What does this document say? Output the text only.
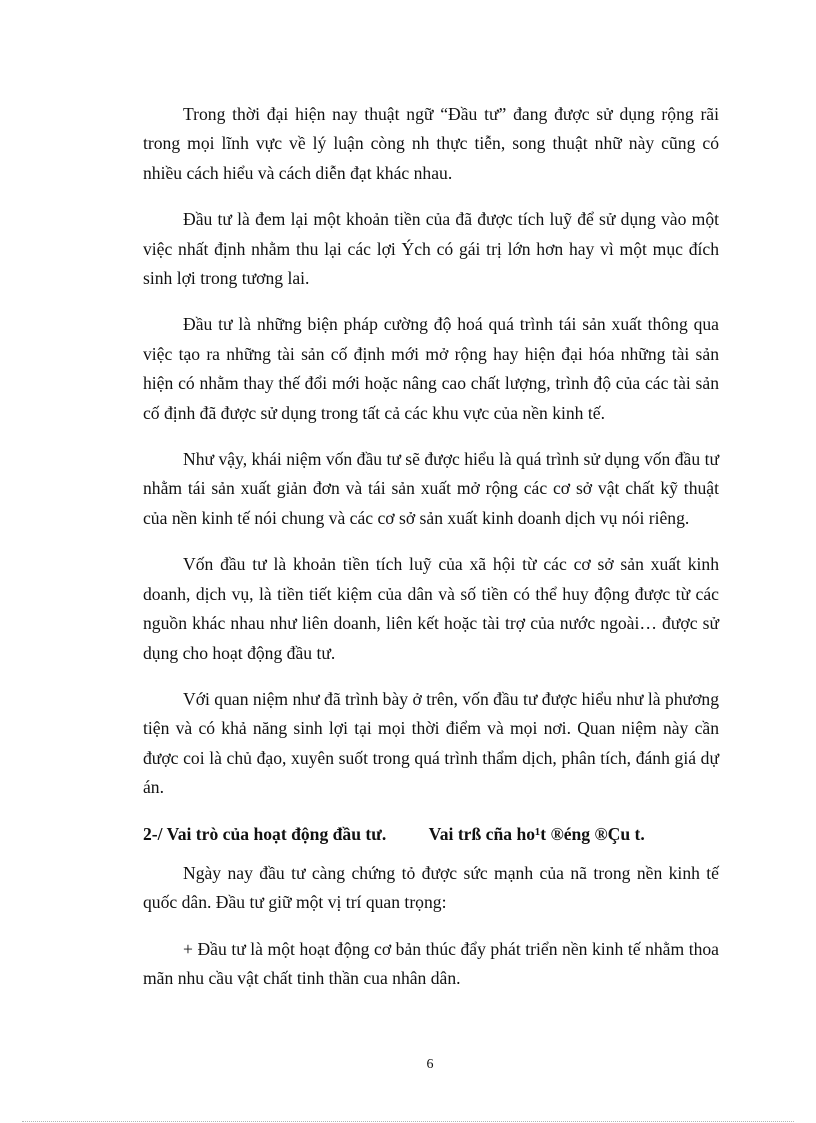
Trong thời đại hiện nay thuật ngữ “Đầu tư” đang được sử dụng rộng rãi trong mọi lĩnh vực về lý luận còng nh thực tiễn, song thuật nhữ này cũng có nhiều cách hiểu và cách diễn đạt khác nhau.

Đầu tư là đem lại một khoản tiền của đã được tích luỹ để sử dụng vào một việc nhất định nhằm thu lại các lợi Ých có gái trị lớn hơn hay vì một mục đích sinh lợi trong tương lai.

Đầu tư là những biện pháp cường độ hoá quá trình tái sản xuất thông qua việc tạo ra những tài sản cố định mới mở rộng hay hiện đại hóa những tài sản hiện có nhằm thay thế đổi mới hoặc nâng cao chất lượng, trình độ của các tài sản cố định đã được sử dụng trong tất cả các khu vực của nền kinh tế.

Như vậy, khái niệm vốn đầu tư sẽ được hiểu là quá trình sử dụng vốn đầu tư nhằm tái sản xuất giản đơn và tái sản xuất mở rộng các cơ sở vật chất kỹ thuật của nền kinh tế nói chung và các cơ sở sản xuất kinh doanh dịch vụ nói riêng.

Vốn đầu tư là khoản tiền tích luỹ của xã hội từ các cơ sở sản xuất kinh doanh, dịch vụ, là tiền tiết kiệm của dân và số tiền có thể huy động được từ các nguồn khác nhau như liên doanh, liên kết hoặc tài trợ của nước ngoài… được sử dụng cho hoạt động đầu tư.

Với quan niệm như đã trình bày ở trên, vốn đầu tư được hiểu như là phương tiện và có khả năng sinh lợi tại mọi thời điểm và mọi nơi. Quan niệm này cần được coi là chủ đạo, xuyên suốt trong quá trình thẩm dịch, phân tích, đánh giá dự án.

2-/ Vai trò của hoạt động đầu tư. Vai trß cña ho¹t ®éng ®Çu t.

Ngày nay đầu tư càng chứng tỏ được sức mạnh của nã trong nền kinh tế quốc dân. Đầu tư giữ một vị trí quan trọng:

+ Đầu tư là một hoạt động cơ bản thúc đẩy phát triển nền kinh tế nhằm thoa mãn nhu cầu vật chất tinh thần cua nhân dân.

6
